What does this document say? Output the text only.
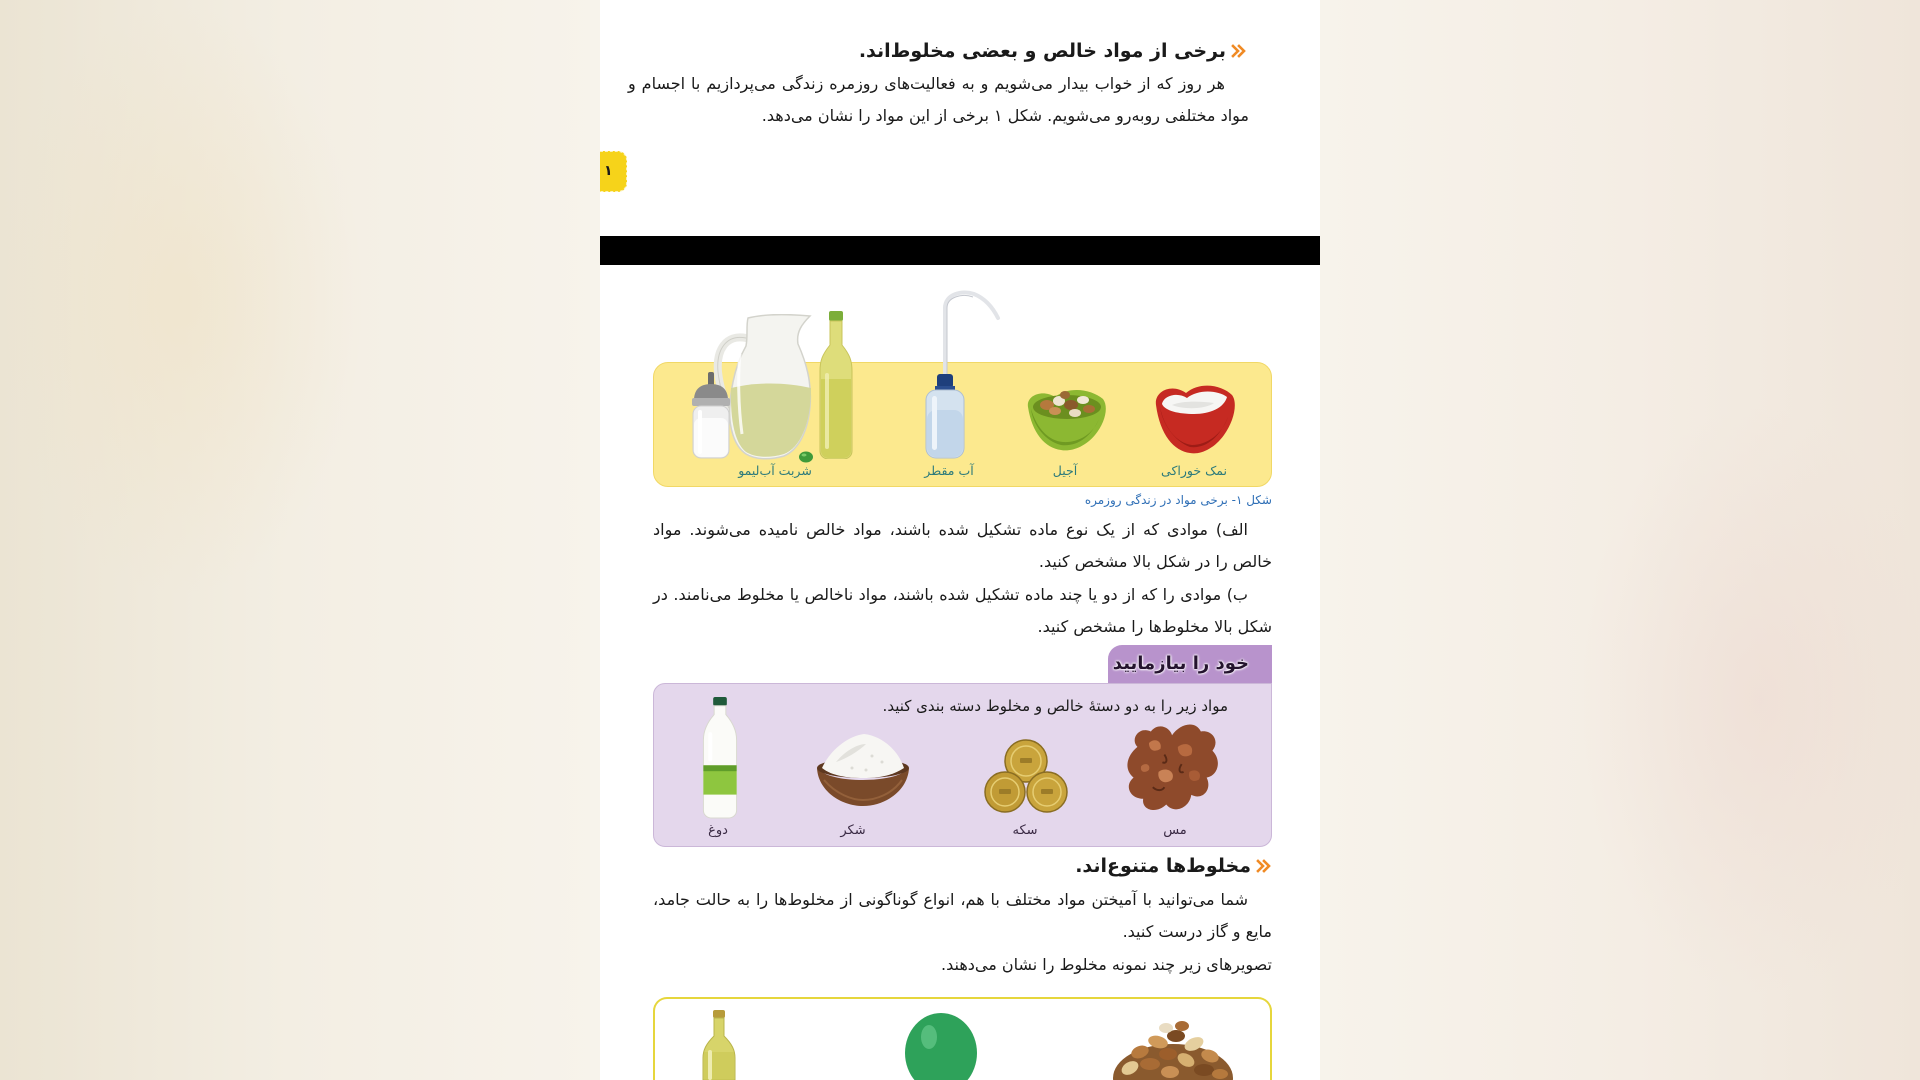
برخی از مواد خالص و بعضی مخلوط‌اند.

هر روز که از خواب بیدار می‌شویم و به فعالیت‌های روزمره زندگی می‌پردازیم با اجسام و مواد مختلفی روبه‌رو می‌شویم. شکل ۱ برخی از این مواد را نشان می‌دهد.

۱
نمک خوراکی
آجیل
آب مقطر
شربت آب‌لیمو
شکل ۱- برخی مواد در زندگی روزمره

الف) موادی که از یک نوع ماده تشکیل شده باشند، مواد خالص نامیده می‌شوند. مواد خالص را در شکل بالا مشخص کنید.

ب) موادی را که از دو یا چند ماده تشکیل شده باشند، مواد ناخالص یا مخلوط می‌نامند. در شکل بالا مخلوط‌ها را مشخص کنید.

خود را بیازمایید
مواد زیر را به دو دستهٔ خالص و مخلوط دسته بندی کنید.
مس
سکه
شکر
دوغ
مخلوط‌ها متنوع‌اند.

شما می‌توانید با آمیختن مواد مختلف با هم، انواع گوناگونی از مخلوط‌ها را به حالت جامد، مایع و گاز درست کنید.

تصویرهای زیر چند نمونه مخلوط را نشان می‌دهند.
